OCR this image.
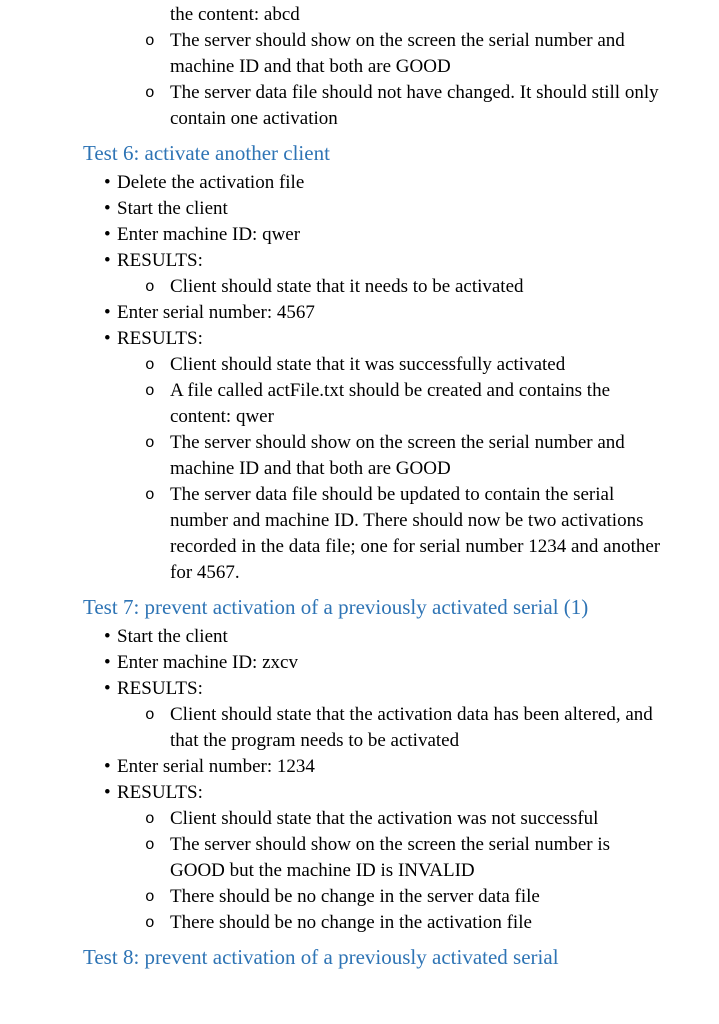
the content: abcd

o The server should show on the screen the serial number and machine ID and that both are GOOD
o The server data file should not have changed. It should still only contain one activation
Test 6: activate another client
• Delete the activation file
• Start the client
• Enter machine ID: qwer
• RESULTS:
o Client should state that it needs to be activated
• Enter serial number: 4567
• RESULTS:
o Client should state that it was successfully activated
o A file called actFile.txt should be created and contains the content: qwer
o The server should show on the screen the serial number and machine ID and that both are GOOD
o The server data file should be updated to contain the serial number and machine ID. There should now be two activations recorded in the data file; one for serial number 1234 and another for 4567.
Test 7: prevent activation of a previously activated serial (1)
• Start the client
• Enter machine ID: zxcv
• RESULTS:
o Client should state that the activation data has been altered, and that the program needs to be activated
• Enter serial number: 1234
• RESULTS:
o Client should state that the activation was not successful
o The server should show on the screen the serial number is GOOD but the machine ID is INVALID
o There should be no change in the server data file
o There should be no change in the activation file
Test 8: prevent activation of a previously activated serial
